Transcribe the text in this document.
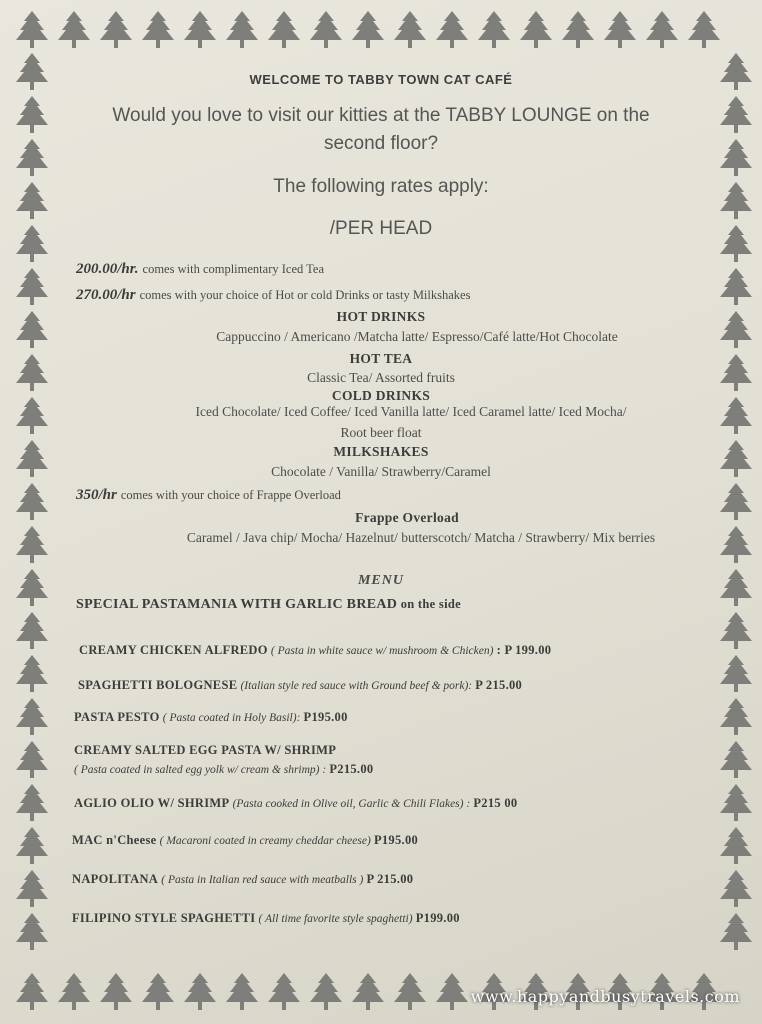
WELCOME TO TABBY TOWN CAT CAFÉ
Would you love to visit our kitties at the TABBY LOUNGE on the
second floor?
The following rates apply:
/PER HEAD
200.00/hr. comes with complimentary Iced Tea
270.00/hr comes with your choice of Hot or cold Drinks or tasty Milkshakes
HOT DRINKS
Cappuccino / Americano /Matcha latte/ Espresso/Café latte/Hot Chocolate
HOT TEA
Classic Tea/ Assorted fruits
COLD DRINKS
Iced Chocolate/ Iced Coffee/ Iced Vanilla latte/ Iced Caramel latte/ Iced Mocha/
Root beer float
MILKSHAKES
Chocolate / Vanilla/ Strawberry/Caramel
350/hr comes with your choice of Frappe Overload
Frappe Overload
Caramel / Java chip/ Mocha/ Hazelnut/ butterscotch/ Matcha / Strawberry/ Mix berries
MENU
SPECIAL PASTAMANIA WITH GARLIC BREAD on the side
CREAMY CHICKEN ALFREDO ( Pasta in white sauce w/ mushroom & Chicken) : P 199.00
SPAGHETTI BOLOGNESE (Italian style red sauce with Ground beef & pork): P 215.00
PASTA PESTO ( Pasta coated in Holy Basil): P195.00
CREAMY SALTED EGG PASTA W/ SHRIMP
( Pasta coated in salted egg yolk w/ cream & shrimp) : P215.00
AGLIO OLIO W/ SHRIMP (Pasta cooked in Olive oil, Garlic & Chili Flakes) : P215 00
MAC n'Cheese ( Macaroni coated in creamy cheddar cheese) P195.00
NAPOLITANA ( Pasta in Italian red sauce with meatballs ) P 215.00
FILIPINO STYLE SPAGHETTI ( All time favorite style spaghetti) P199.00
www.happyandbusytravels.com
